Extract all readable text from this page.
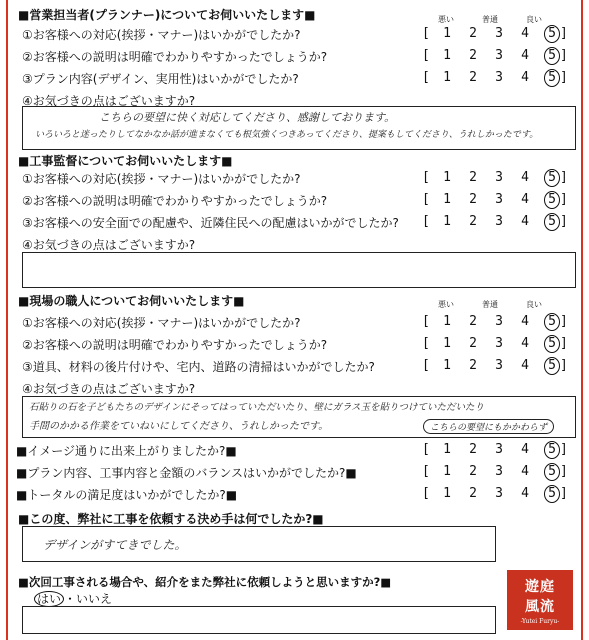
■営業担当者(プランナー)についてお伺いいたします■	悪い	普通	良い
①お客様への対応(挨拶・マナー)はいかがでしたか?	[ 1 2 3 4	5 ]
②お客様への説明は明確でわかりやすかったでしょうか?	[ 1 2 3 4	5 ]
③プラン内容(デザイン、実用性)はいかがでしたか?	[ 1 2 3 4	5 ]
④お気づきの点はございますか?
こちらの要望に快く対応してくださり、感謝しております。
いろいろと迷ったりしてなかなか話が進まなくても根気強くつきあってくださり、提案もしてくださり、うれしかったです。
■工事監督についてお伺いいたします■
①お客様への対応(挨拶・マナー)はいかがでしたか?	[ 1 2 3 4	5 ]
②お客様への説明は明確でわかりやすかったでしょうか?	[ 1 2 3 4	5 ]
③お客様への安全面での配慮や、近隣住民への配慮はいかがでしたか? [ 1 2 3 4	5 ]
④お気づきの点はございますか?
■現場の職人についてお伺いいたします■	悪い	普通	良い
①お客様への対応(挨拶・マナー)はいかがでしたか?	[ 1 2 3 4	5 ]
②お客様への説明は明確でわかりやすかったでしょうか?	[ 1 2 3 4	5 ]
③道具、材料の後片付けや、宅内、道路の清掃はいかがでしたか?	[ 1 2 3 4	5 ]
④お気づきの点はございますか?
石貼りの石を子どもたちのデザインにそってはっていただいたり、壁にガラス玉を貼りつけていただいたり
手間のかかる作業をていねいにしてくださり、うれしかったです。	こちらの要望にもかかわらず
■イメージ通りに出来上がりましたか?■	[ 1 2 3 4	5 ]
■プラン内容、工事内容と金額のバランスはいかがでしたか?■	[ 1 2 3 4	5 ]
■トータルの満足度はいかがでしたか?■	[ 1 2 3 4	5 ]
■この度、弊社に工事を依頼する決め手は何でしたか?■
デザインがすてきでした。
■次回工事される場合や、紹介をまた弊社に依頼しようと思いますか?■
はい ・いいえ
遊庭
風流
-Yutei Furyu-
